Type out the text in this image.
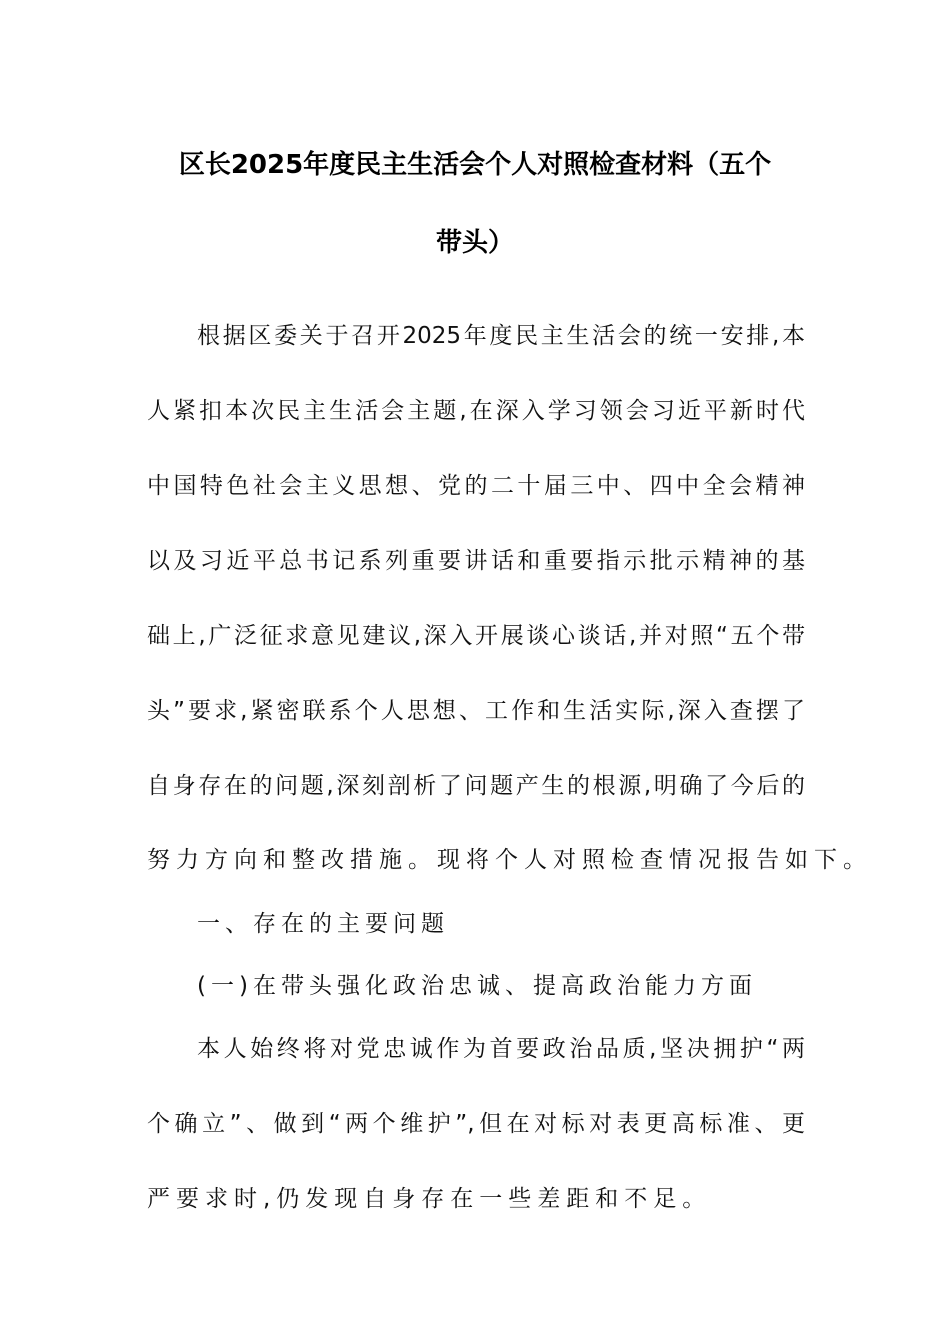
区长2025年度民主生活会个人对照检查材料（五个
带头）
根据区委关于召开2025年度民主生活会的统一安排,本
人紧扣本次民主生活会主题,在深入学习领会习近平新时代
中国特色社会主义思想、党的二十届三中、四中全会精神
以及习近平总书记系列重要讲话和重要指示批示精神的基
础上,广泛征求意见建议,深入开展谈心谈话,并对照“五个带
头”要求,紧密联系个人思想、工作和生活实际,深入查摆了
自身存在的问题,深刻剖析了问题产生的根源,明确了今后的
努力方向和整改措施。现将个人对照检查情况报告如下。
一、存在的主要问题
(一)在带头强化政治忠诚、提高政治能力方面
本人始终将对党忠诚作为首要政治品质,坚决拥护“两
个确立”、做到“两个维护”,但在对标对表更高标准、更
严要求时,仍发现自身存在一些差距和不足。
